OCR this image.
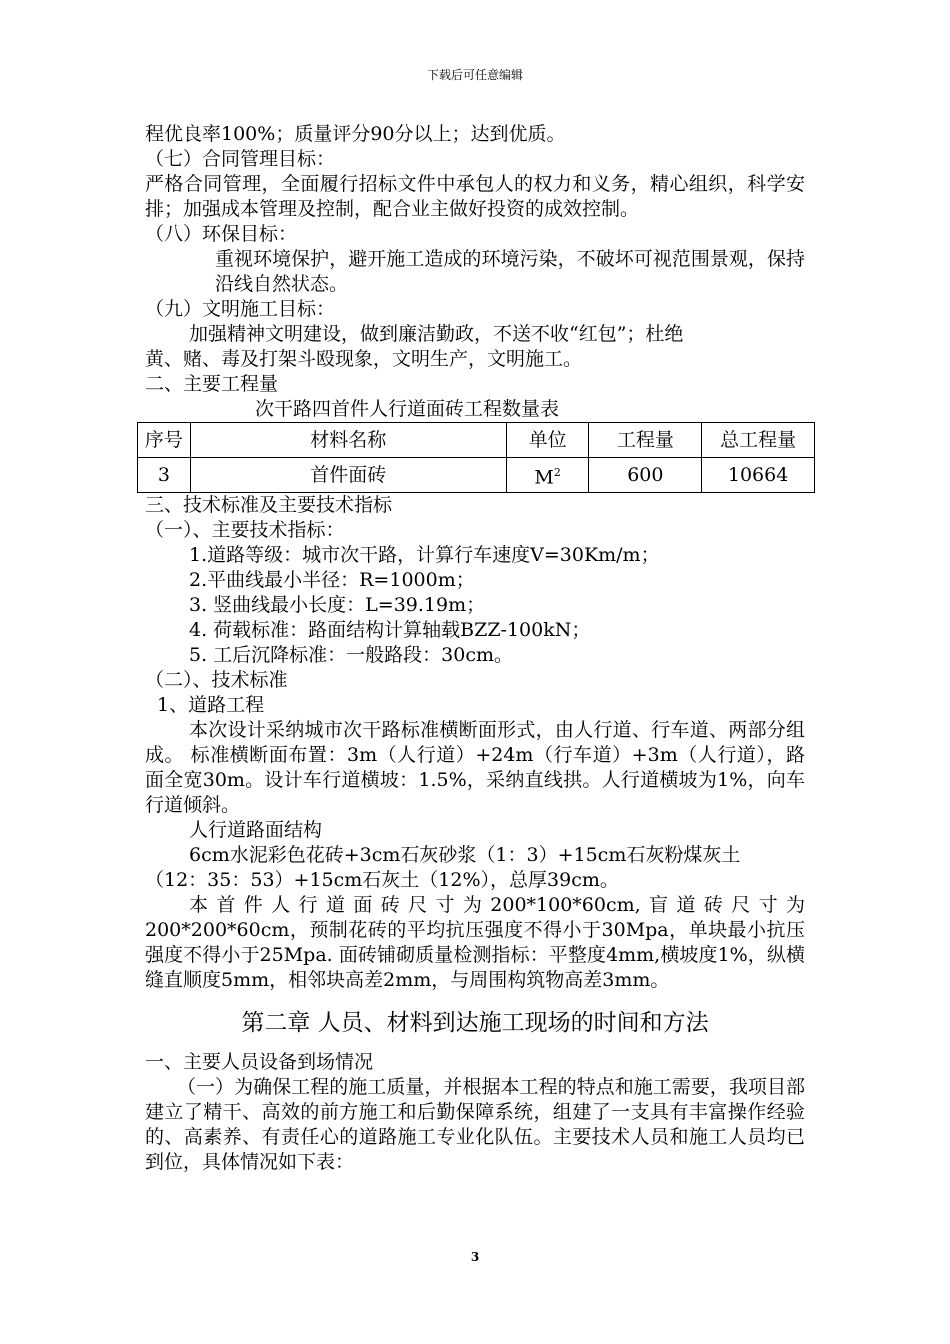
下载后可任意编辑

程优良率100%；质量评分90分以上；达到优质。

（七）合同管理目标：

严格合同管理，全面履行招标文件中承包人的权力和义务，精心组织，科学安排；加强成本管理及控制，配合业主做好投资的成效控制。

（八）环保目标：

重视环境保护，避开施工造成的环境污染，不破坏可视范围景观，保持沿线自然状态。

（九）文明施工目标：

加强精神文明建设，做到廉洁勤政，不送不收“红包”；杜绝

黄、赌、毒及打架斗殴现象，文明生产，文明施工。

二、主要工程量

次干路四首件人行道面砖工程数量表

序号	材料名称	单位	工程量	总工程量
3	首件面砖	$M^2$	600	10664

三、技术标准及主要技术指标

（一）、主要技术指标：

1.道路等级：城市次干路，计算行车速度V=30Km/m；

2.平曲线最小半径：R=1000m；

3. 竖曲线最小长度：L=39.19m；

4. 荷载标准：路面结构计算轴载BZZ-100kN；

5. 工后沉降标准：一般路段：30cm。

（二）、技术标准

1、道路工程

本次设计采纳城市次干路标准横断面形式，由人行道、行车道、两部分组成。 标准横断面布置：3m（人行道）+24m（行车道）+3m（人行道），路面全宽30m。设计车行道横坡：1.5%，采纳直线拱。人行道横坡为1%，向车行道倾斜。

人行道路面结构

6cm水泥彩色花砖+3cm石灰砂浆（1：3）+15cm石灰粉煤灰土

（12：35：53）+15cm石灰土（12%），总厚39cm。

本首件人行道面砖尺寸为200*100*60cm,盲道砖尺寸为200*200*60cm，预制花砖的平均抗压强度不得小于30Mpa，单块最小抗压强度不得小于25Mpa. 面砖铺砌质量检测指标：平整度4mm,横坡度1%，纵横缝直顺度5mm，相邻块高差2mm，与周围构筑物高差3mm。

第二章 人员、材料到达施工现场的时间和方法

一、主要人员设备到场情况

（一）为确保工程的施工质量，并根据本工程的特点和施工需要，我项目部建立了精干、高效的前方施工和后勤保障系统，组建了一支具有丰富操作经验的、高素养、有责任心的道路施工专业化队伍。主要技术人员和施工人员均已到位，具体情况如下表：

3
